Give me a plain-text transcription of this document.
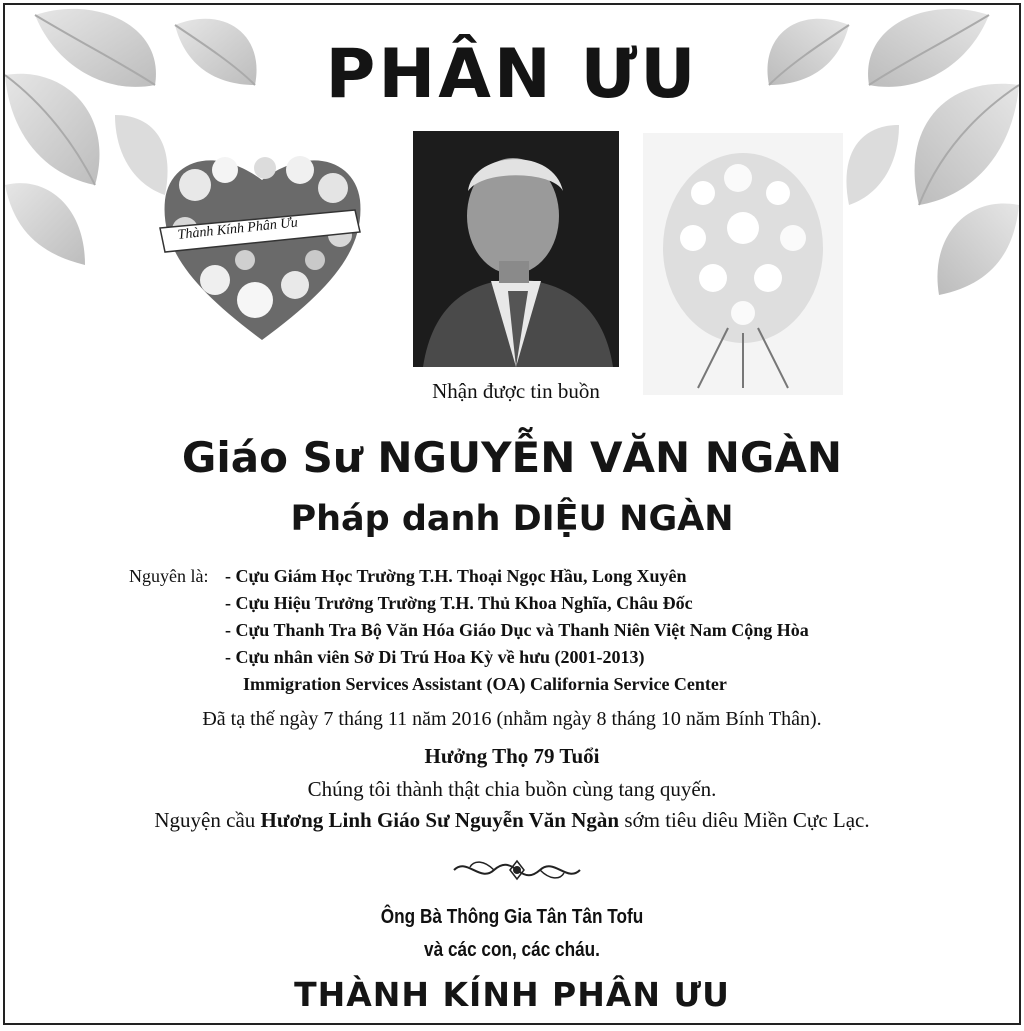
PHÂN ƯU
Thành Kính Phân Ưu
Nhận được tin buồn
Giáo Sư NGUYỄN VĂN NGÀN
Pháp danh DIỆU NGÀN
Nguyên là: - Cựu Giám Học Trường T.H. Thoại Ngọc Hầu, Long Xuyên
- Cựu Hiệu Trưởng Trường T.H. Thủ Khoa Nghĩa, Châu Đốc
- Cựu Thanh Tra Bộ Văn Hóa Giáo Dục và Thanh Niên Việt Nam Cộng Hòa
- Cựu nhân viên Sở Di Trú Hoa Kỳ về hưu (2001-2013)
Immigration Services Assistant (OA) California Service Center
Đã tạ thế ngày 7 tháng 11 năm 2016 (nhằm ngày 8 tháng 10 năm Bính Thân).
Hưởng Thọ 79 Tuổi
Chúng tôi thành thật chia buồn cùng tang quyến.
Nguyện cầu Hương Linh Giáo Sư Nguyễn Văn Ngàn sớm tiêu diêu Miền Cực Lạc.
Ông Bà Thông Gia Tân Tân Tofu
và các con, các cháu.
THÀNH KÍNH PHÂN ƯU
